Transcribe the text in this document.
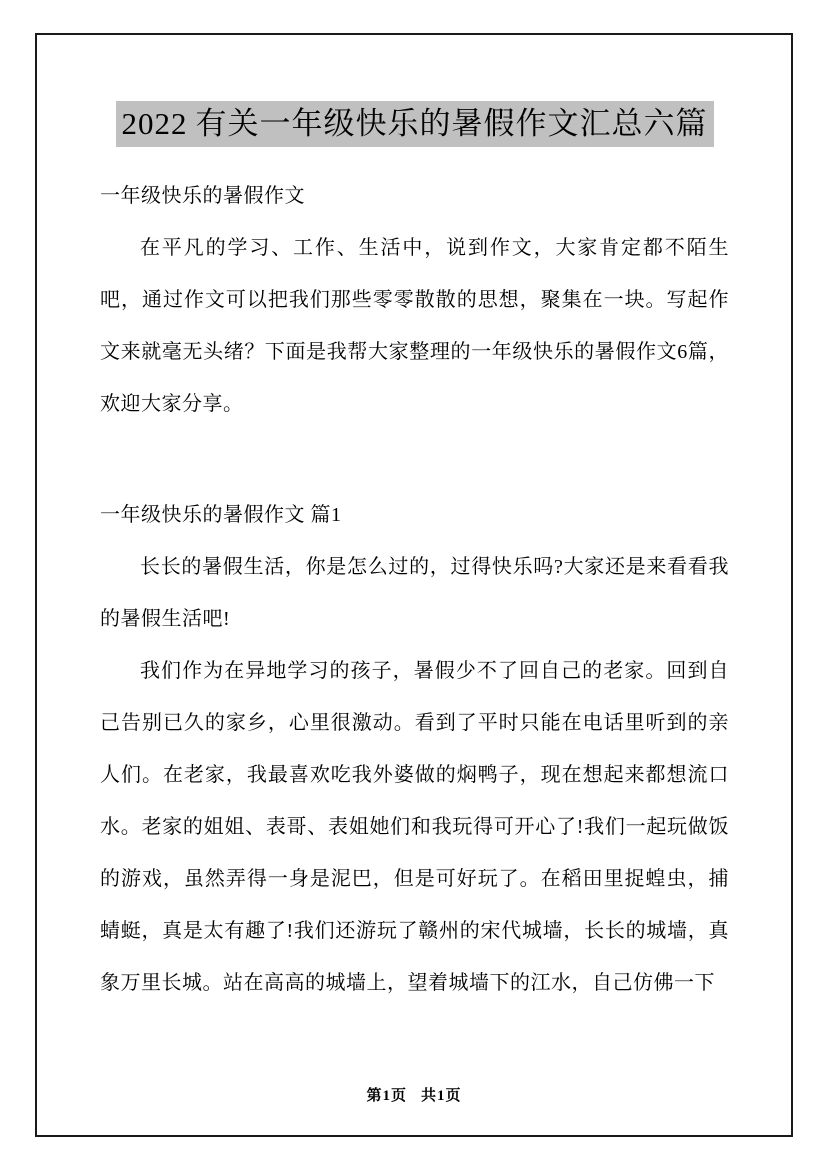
2022 有关一年级快乐的暑假作文汇总六篇

一年级快乐的暑假作文

在平凡的学习、工作、生活中，说到作文，大家肯定都不陌生吧，通过作文可以把我们那些零零散散的思想，聚集在一块。写起作文来就毫无头绪？下面是我帮大家整理的一年级快乐的暑假作文6篇，欢迎大家分享。

一年级快乐的暑假作文 篇1

长长的暑假生活，你是怎么过的，过得快乐吗?大家还是来看看我的暑假生活吧!

我们作为在异地学习的孩子，暑假少不了回自己的老家。回到自己告别已久的家乡，心里很激动。看到了平时只能在电话里听到的亲人们。在老家，我最喜欢吃我外婆做的焖鸭子，现在想起来都想流口水。老家的姐姐、表哥、表姐她们和我玩得可开心了!我们一起玩做饭的游戏，虽然弄得一身是泥巴，但是可好玩了。在稻田里捉蝗虫，捕蜻蜓，真是太有趣了!我们还游玩了赣州的宋代城墙，长长的城墙，真象万里长城。站在高高的城墙上，望着城墙下的江水，自己仿佛一下

第1页 共1页
